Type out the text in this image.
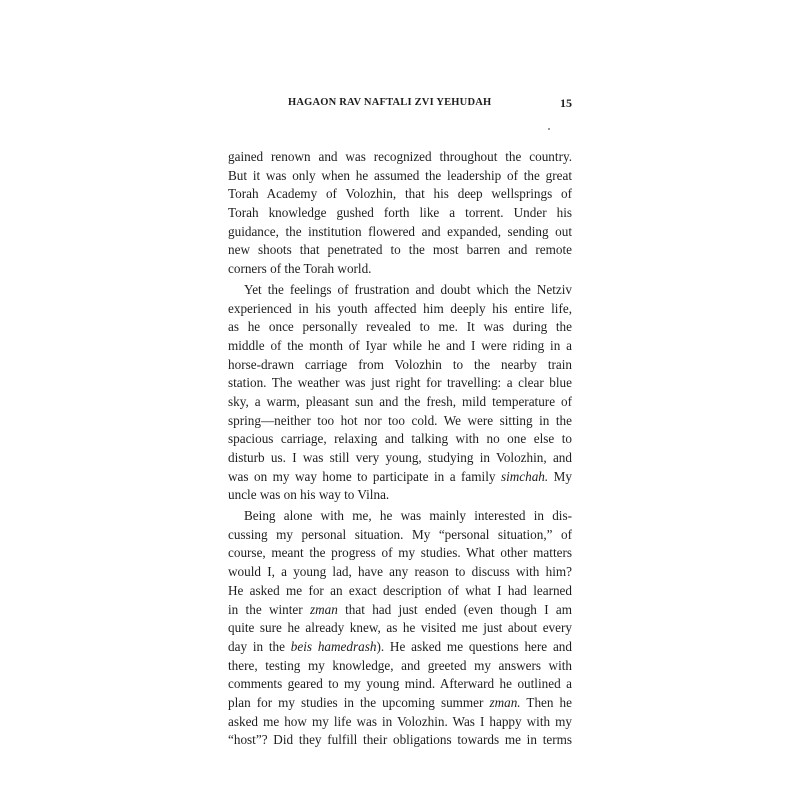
HAGAON RAV NAFTALI ZVI YEHUDAH	15
gained renown and was recognized throughout the country.
But it was only when he assumed the leadership of the great
Torah Academy of Volozhin, that his deep wellsprings of
Torah knowledge gushed forth like a torrent. Under his
guidance, the institution flowered and expanded, sending out
new shoots that penetrated to the most barren and remote
corners of the Torah world.
Yet the feelings of frustration and doubt which the Netziv
experienced in his youth affected him deeply his entire life,
as he once personally revealed to me. It was during the
middle of the month of Iyar while he and I were riding in a
horse-drawn carriage from Volozhin to the nearby train
station. The weather was just right for travelling: a clear blue
sky, a warm, pleasant sun and the fresh, mild temperature of
spring—neither too hot nor too cold. We were sitting in the
spacious carriage, relaxing and talking with no one else to
disturb us. I was still very young, studying in Volozhin, and
was on my way home to participate in a family simchah. My
uncle was on his way to Vilna.
Being alone with me, he was mainly interested in dis-
cussing my personal situation. My “personal situation,” of
course, meant the progress of my studies. What other matters
would I, a young lad, have any reason to discuss with him?
He asked me for an exact description of what I had learned
in the winter zman that had just ended (even though I am
quite sure he already knew, as he visited me just about every
day in the beis hamedrash). He asked me questions here and
there, testing my knowledge, and greeted my answers with
comments geared to my young mind. Afterward he outlined a
plan for my studies in the upcoming summer zman. Then he
asked me how my life was in Volozhin. Was I happy with my
“host”? Did they fulfill their obligations towards me in terms
